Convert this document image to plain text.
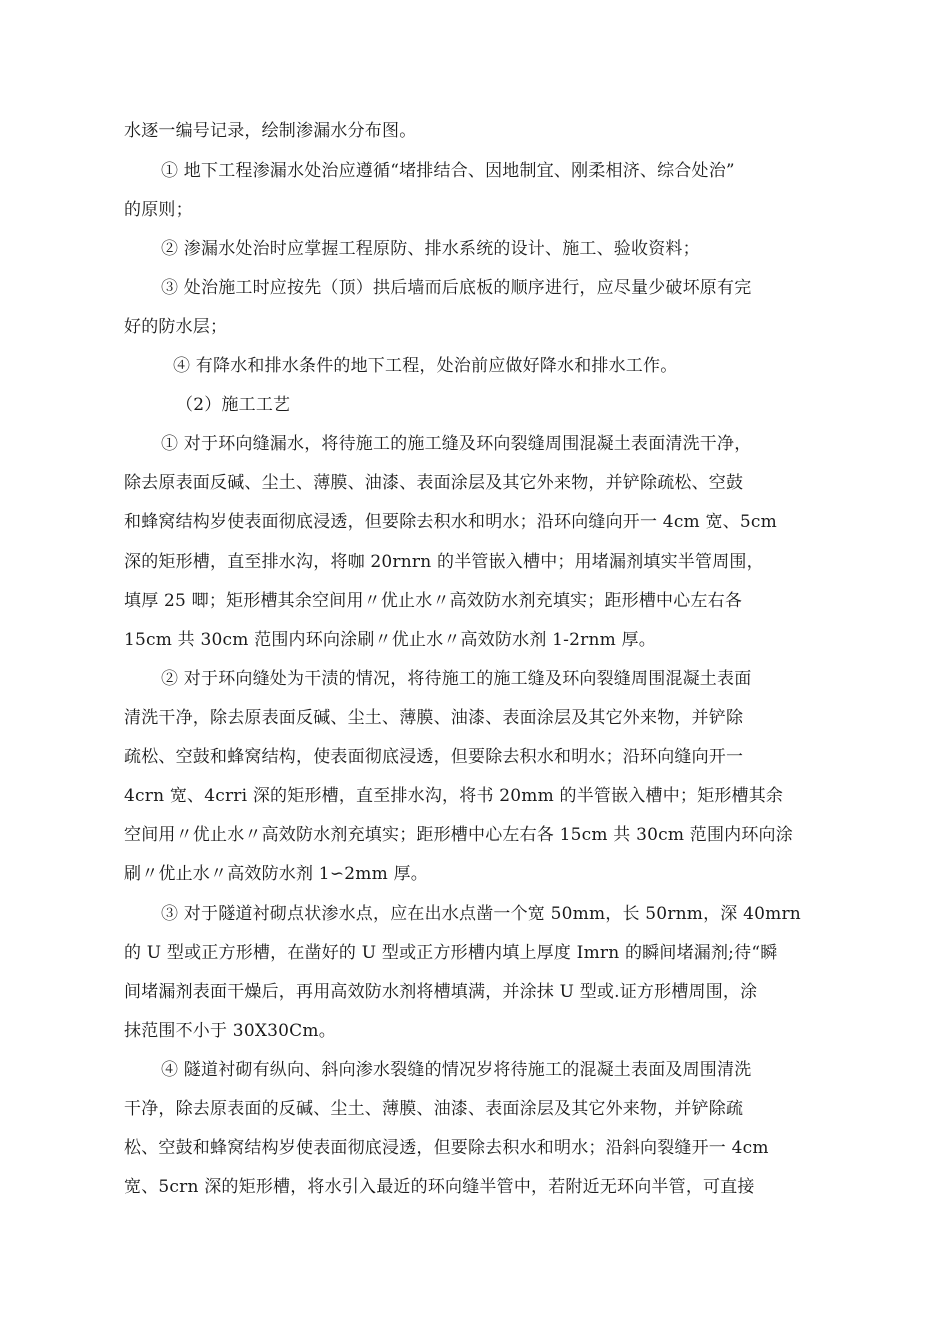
水逐一编号记录，绘制渗漏水分布图。
① 地下工程渗漏水处治应遵循“堵排结合、因地制宜、刚柔相济、综合处治”
的原则；
② 渗漏水处治时应掌握工程原防、排水系统的设计、施工、验收资料；
③ 处治施工时应按先（顶）拱后墙而后底板的顺序进行，应尽量少破坏原有完
好的防水层；
④ 有降水和排水条件的地下工程，处治前应做好降水和排水工作。
（2）施工工艺
① 对于环向缝漏水，将待施工的施工缝及环向裂缝周围混凝土表面清洗干净，
除去原表面反碱、尘土、薄膜、油漆、表面涂层及其它外来物，并铲除疏松、空鼓
和蜂窝结构岁使表面彻底浸透，但要除去积水和明水；沿环向缝向开一 4cm 宽、5cm
深的矩形槽，直至排水沟，将咖 20rnrn 的半管嵌入槽中；用堵漏剂填实半管周围，
填厚 25 唧；矩形槽其余空间用〃优止水〃高效防水剂充填实；距形槽中心左右各
15cm 共 30cm 范围内环向涂刷〃优止水〃高效防水剂 1-2rnm 厚。
② 对于环向缝处为干渍的情况，将待施工的施工缝及环向裂缝周围混凝土表面
清洗干净，除去原表面反碱、尘土、薄膜、油漆、表面涂层及其它外来物，并铲除
疏松、空鼓和蜂窝结构，使表面彻底浸透，但要除去积水和明水；沿环向缝向开一
4crn 宽、4crri 深的矩形槽，直至排水沟，将书 20mm 的半管嵌入槽中；矩形槽其余
空间用〃优止水〃高效防水剂充填实；距形槽中心左右各 15cm 共 30cm 范围内环向涂
刷〃优止水〃高效防水剂 1∽2mm 厚。
③ 对于隧道衬砌点状渗水点，应在出水点凿一个宽 50mm，长 50rnm，深 40mrn
的 U 型或正方形槽，在凿好的 U 型或正方形槽内填上厚度 Imrn 的瞬间堵漏剂;待“瞬
间堵漏剂表面干燥后，再用高效防水剂将槽填满，并涂抹 U 型或.证方形槽周围，涂
抹范围不小于 30X30Cm。
④ 隧道衬砌有纵向、斜向渗水裂缝的情况岁将待施工的混凝土表面及周围清洗
干净，除去原表面的反碱、尘土、薄膜、油漆、表面涂层及其它外来物，并铲除疏
松、空鼓和蜂窝结构岁使表面彻底浸透，但要除去积水和明水；沿斜向裂缝开一 4cm
宽、5crn 深的矩形槽，将水引入最近的环向缝半管中，若附近无环向半管，可直接
